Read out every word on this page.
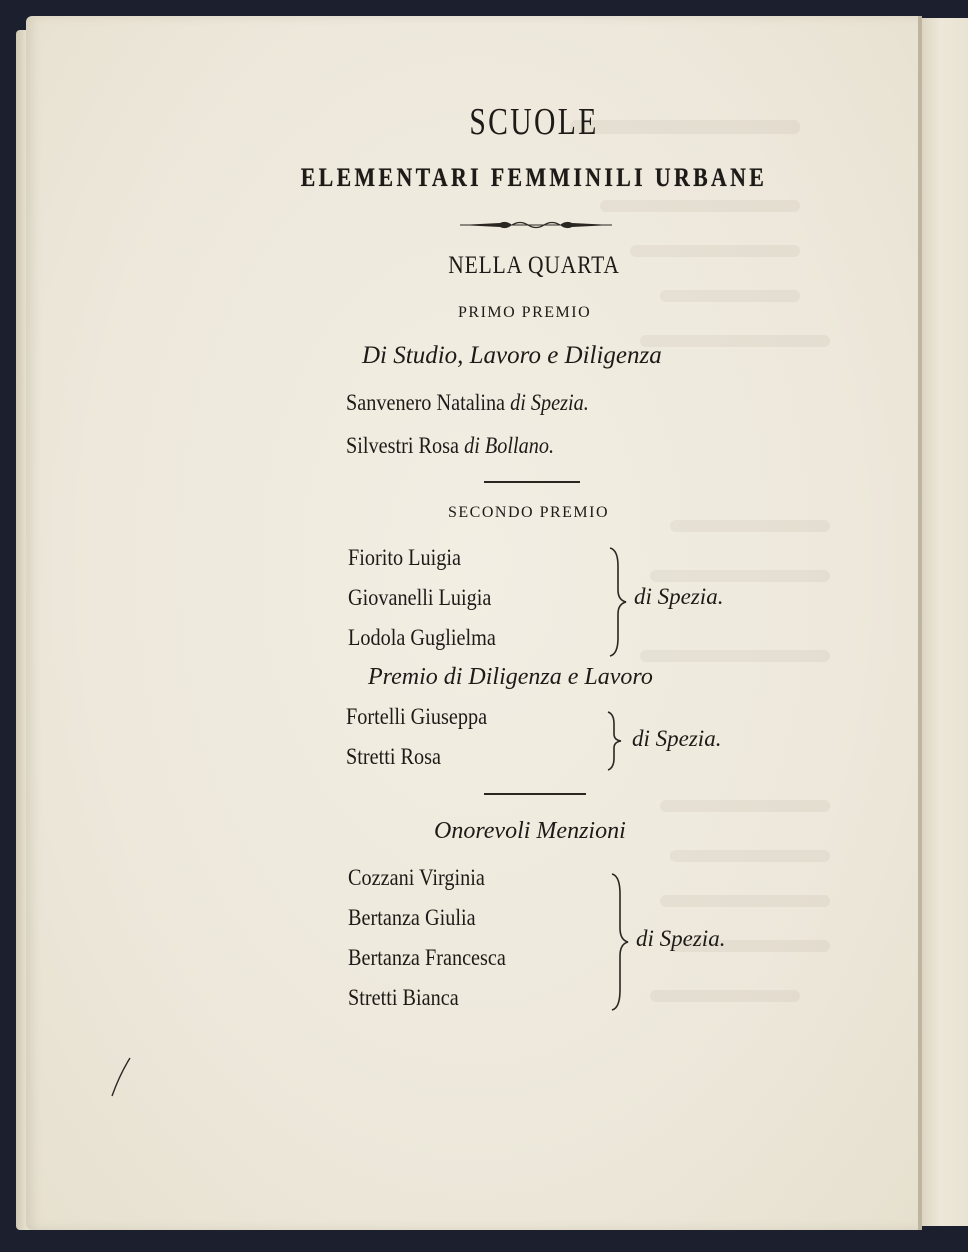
SCUOLE
ELEMENTARI FEMMINILI URBANE
NELLA QUARTA
PRIMO PREMIO
Di Studio, Lavoro e Diligenza
Sanvenero Natalina di Spezia.
Silvestri Rosa di Bollano.
SECONDO PREMIO
Fiorito Luigia
Giovanelli Luigia
Lodola Guglielma
di Spezia.
Premio di Diligenza e Lavoro
Fortelli Giuseppa
Stretti Rosa
di Spezia.
Onorevoli Menzioni
Cozzani Virginia
Bertanza Giulia
Bertanza Francesca
Stretti Bianca
di Spezia.
